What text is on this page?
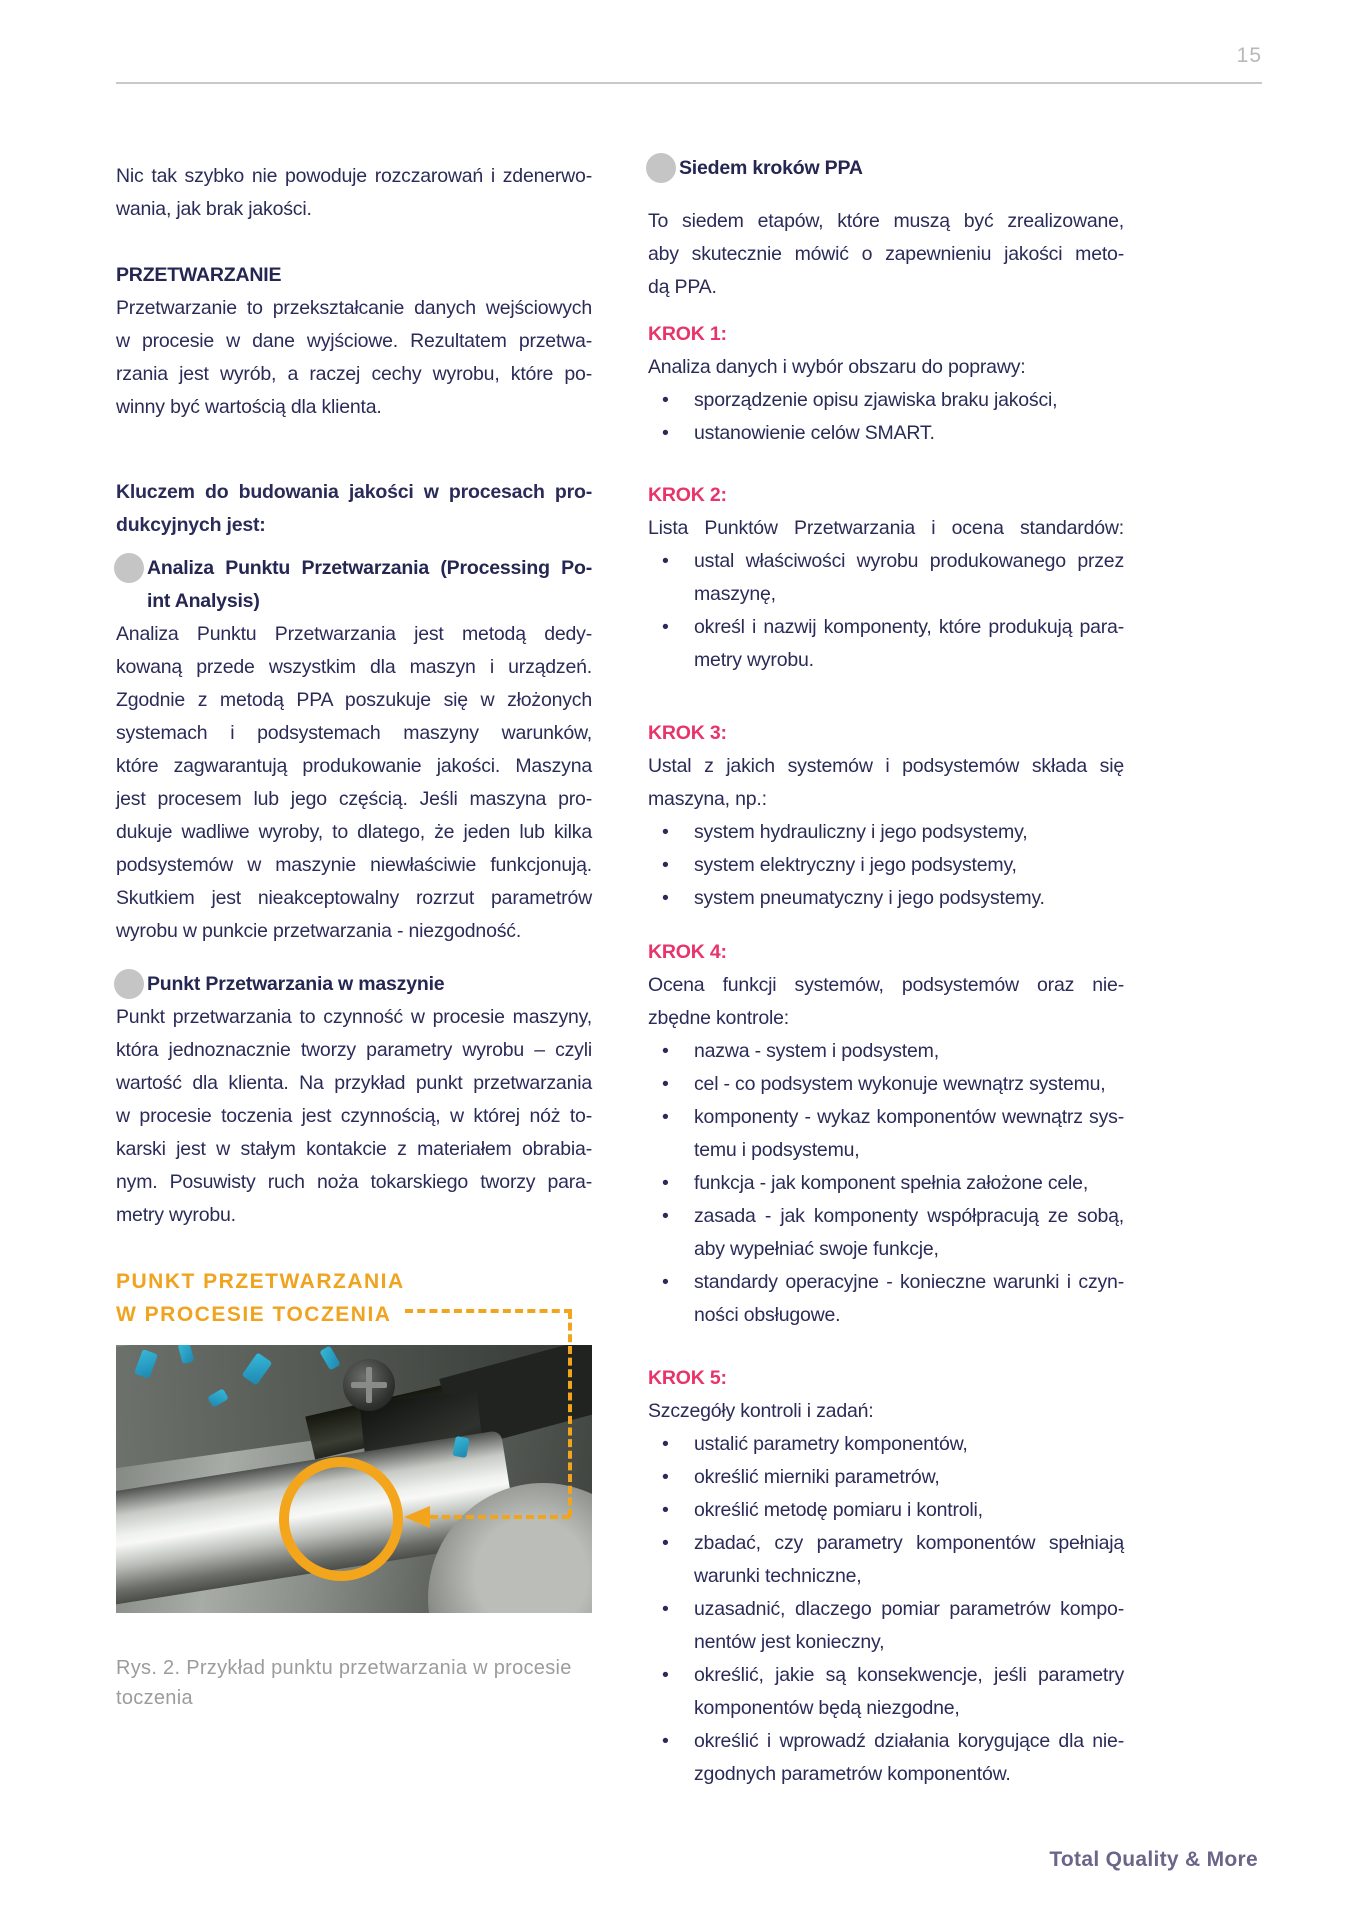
15
Nic tak szybko nie powoduje rozczarowań i zdenerwo-
wania, jak brak jakości.
PRZETWARZANIE
Przetwarzanie to przekształcanie danych wejściowych
w procesie w dane wyjściowe. Rezultatem przetwa-
rzania jest wyrób, a raczej cechy wyrobu, które po-
winny być wartością dla klienta.
Kluczem do budowania jakości w procesach pro-
dukcyjnych jest:
Analiza Punktu Przetwarzania (Processing Po-
int Analysis)
Analiza Punktu Przetwarzania jest metodą dedy-
kowaną przede wszystkim dla maszyn i urządzeń.
Zgodnie z metodą PPA poszukuje się w złożonych
systemach i podsystemach maszyny warunków,
które zagwarantują produkowanie jakości. Maszyna
jest procesem lub jego częścią. Jeśli maszyna pro-
dukuje wadliwe wyroby, to dlatego, że jeden lub kilka
podsystemów w maszynie niewłaściwie funkcjonują.
Skutkiem jest nieakceptowalny rozrzut parametrów
wyrobu w punkcie przetwarzania - niezgodność.
Punkt Przetwarzania w maszynie
Punkt przetwarzania to czynność w procesie maszyny,
która jednoznacznie tworzy parametry wyrobu – czyli
wartość dla klienta. Na przykład punkt przetwarzania
w procesie toczenia jest czynnością, w której nóż to-
karski jest w stałym kontakcie z materiałem obrabia-
nym. Posuwisty ruch noża tokarskiego tworzy para-
metry wyrobu.
PUNKT PRZETWARZANIA
W PROCESIE TOCZENIA
Rys. 2. Przykład punktu przetwarzania w procesie
toczenia
Siedem kroków PPA
To siedem etapów, które muszą być zrealizowane,
aby skutecznie mówić o zapewnieniu jakości meto-
dą PPA.
KROK 1:
Analiza danych i wybór obszaru do poprawy:
• sporządzenie opisu zjawiska braku jakości,
• ustanowienie celów SMART.
KROK 2:
Lista Punktów Przetwarzania i ocena standardów:
• ustal właściwości wyrobu produkowanego przez
maszynę,
• określ i nazwij komponenty, które produkują para-
metry wyrobu.
KROK 3:
Ustal z jakich systemów i podsystemów składa się
maszyna, np.:
• system hydrauliczny i jego podsystemy,
• system elektryczny i jego podsystemy,
• system pneumatyczny i jego podsystemy.
KROK 4:
Ocena funkcji systemów, podsystemów oraz nie-
zbędne kontrole:
• nazwa - system i podsystem,
• cel - co podsystem wykonuje wewnątrz systemu,
• komponenty - wykaz komponentów wewnątrz sys-
temu i podsystemu,
• funkcja - jak komponent spełnia założone cele,
• zasada - jak komponenty współpracują ze sobą,
aby wypełniać swoje funkcje,
• standardy operacyjne - konieczne warunki i czyn-
ności obsługowe.
KROK 5:
Szczegóły kontroli i zadań:
• ustalić parametry komponentów,
• określić mierniki parametrów,
• określić metodę pomiaru i kontroli,
• zbadać, czy parametry komponentów spełniają
warunki techniczne,
• uzasadnić, dlaczego pomiar parametrów kompo-
nentów jest konieczny,
• określić, jakie są konsekwencje, jeśli parametry
komponentów będą niezgodne,
• określić i wprowadź działania korygujące dla nie-
zgodnych parametrów komponentów.
Total Quality & More
